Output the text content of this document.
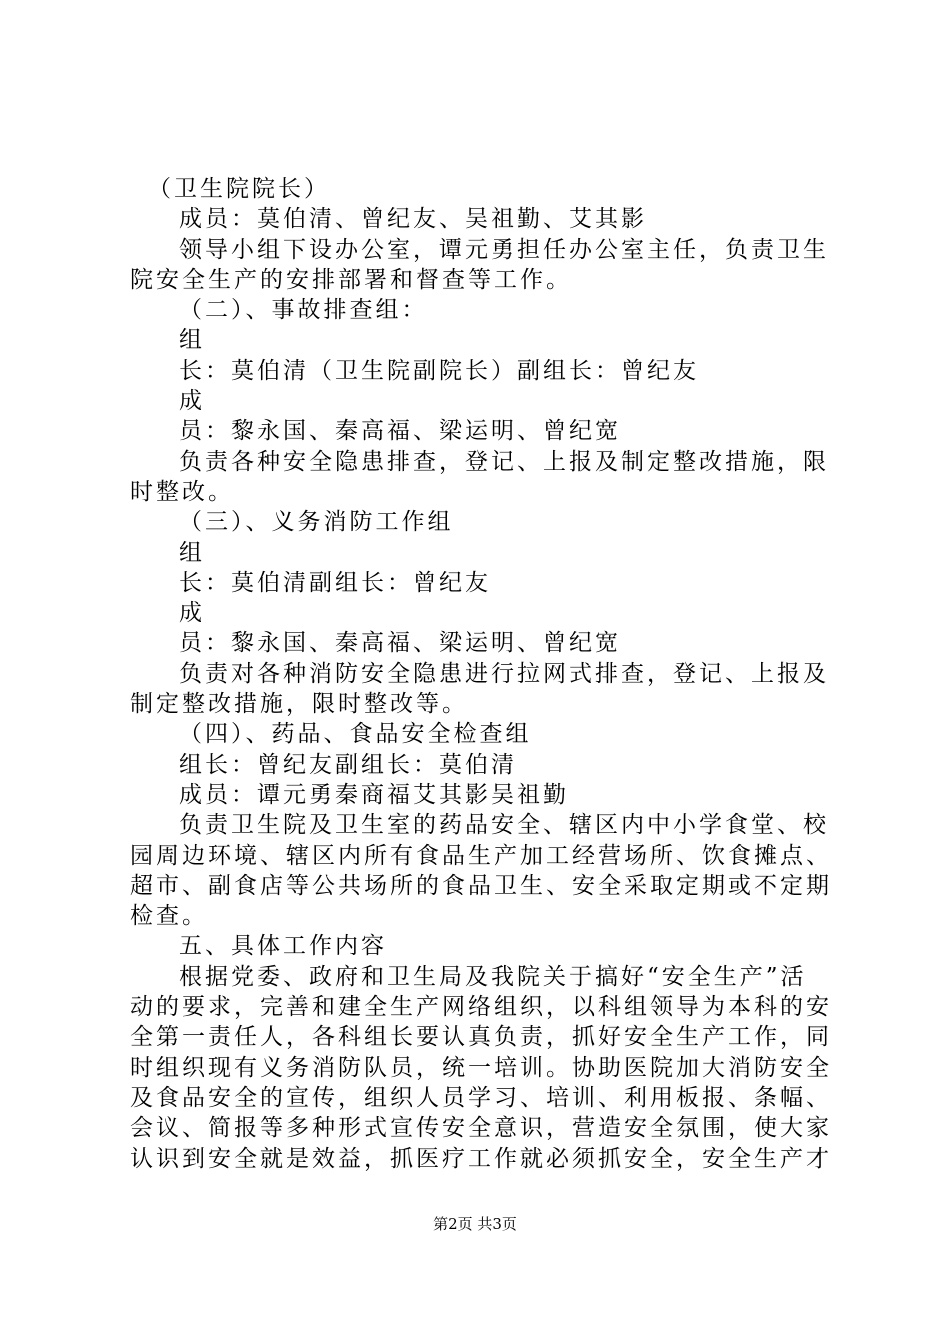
（卫生院院长）
成员：莫伯清、曾纪友、吴祖勤、艾其影
领导小组下设办公室，谭元勇担任办公室主任，负责卫生
院安全生产的安排部署和督查等工作。
（二）、事故排查组：
组
长：莫伯清（卫生院副院长）副组长：曾纪友
成
员：黎永国、秦高福、梁运明、曾纪宽
负责各种安全隐患排查，登记、上报及制定整改措施，限
时整改。
（三）、义务消防工作组
组
长：莫伯清副组长：曾纪友
成
员：黎永国、秦高福、梁运明、曾纪宽
负责对各种消防安全隐患进行拉网式排查，登记、上报及
制定整改措施，限时整改等。
（四）、药品、食品安全检查组
组长：曾纪友副组长：莫伯清
成员：谭元勇秦商福艾其影吴祖勤
负责卫生院及卫生室的药品安全、辖区内中小学食堂、校
园周边环境、辖区内所有食品生产加工经营场所、饮食摊点、
超市、副食店等公共场所的食品卫生、安全采取定期或不定期
检查。
五、具体工作内容
根据党委、政府和卫生局及我院关于搞好“安全生产”活
动的要求，完善和建全生产网络组织，以科组领导为本科的安
全第一责任人，各科组长要认真负责，抓好安全生产工作，同
时组织现有义务消防队员，统一培训。协助医院加大消防安全
及食品安全的宣传，组织人员学习、培训、利用板报、条幅、
会议、简报等多种形式宣传安全意识，营造安全氛围，使大家
认识到安全就是效益，抓医疗工作就必须抓安全，安全生产才
第2页 共3页
